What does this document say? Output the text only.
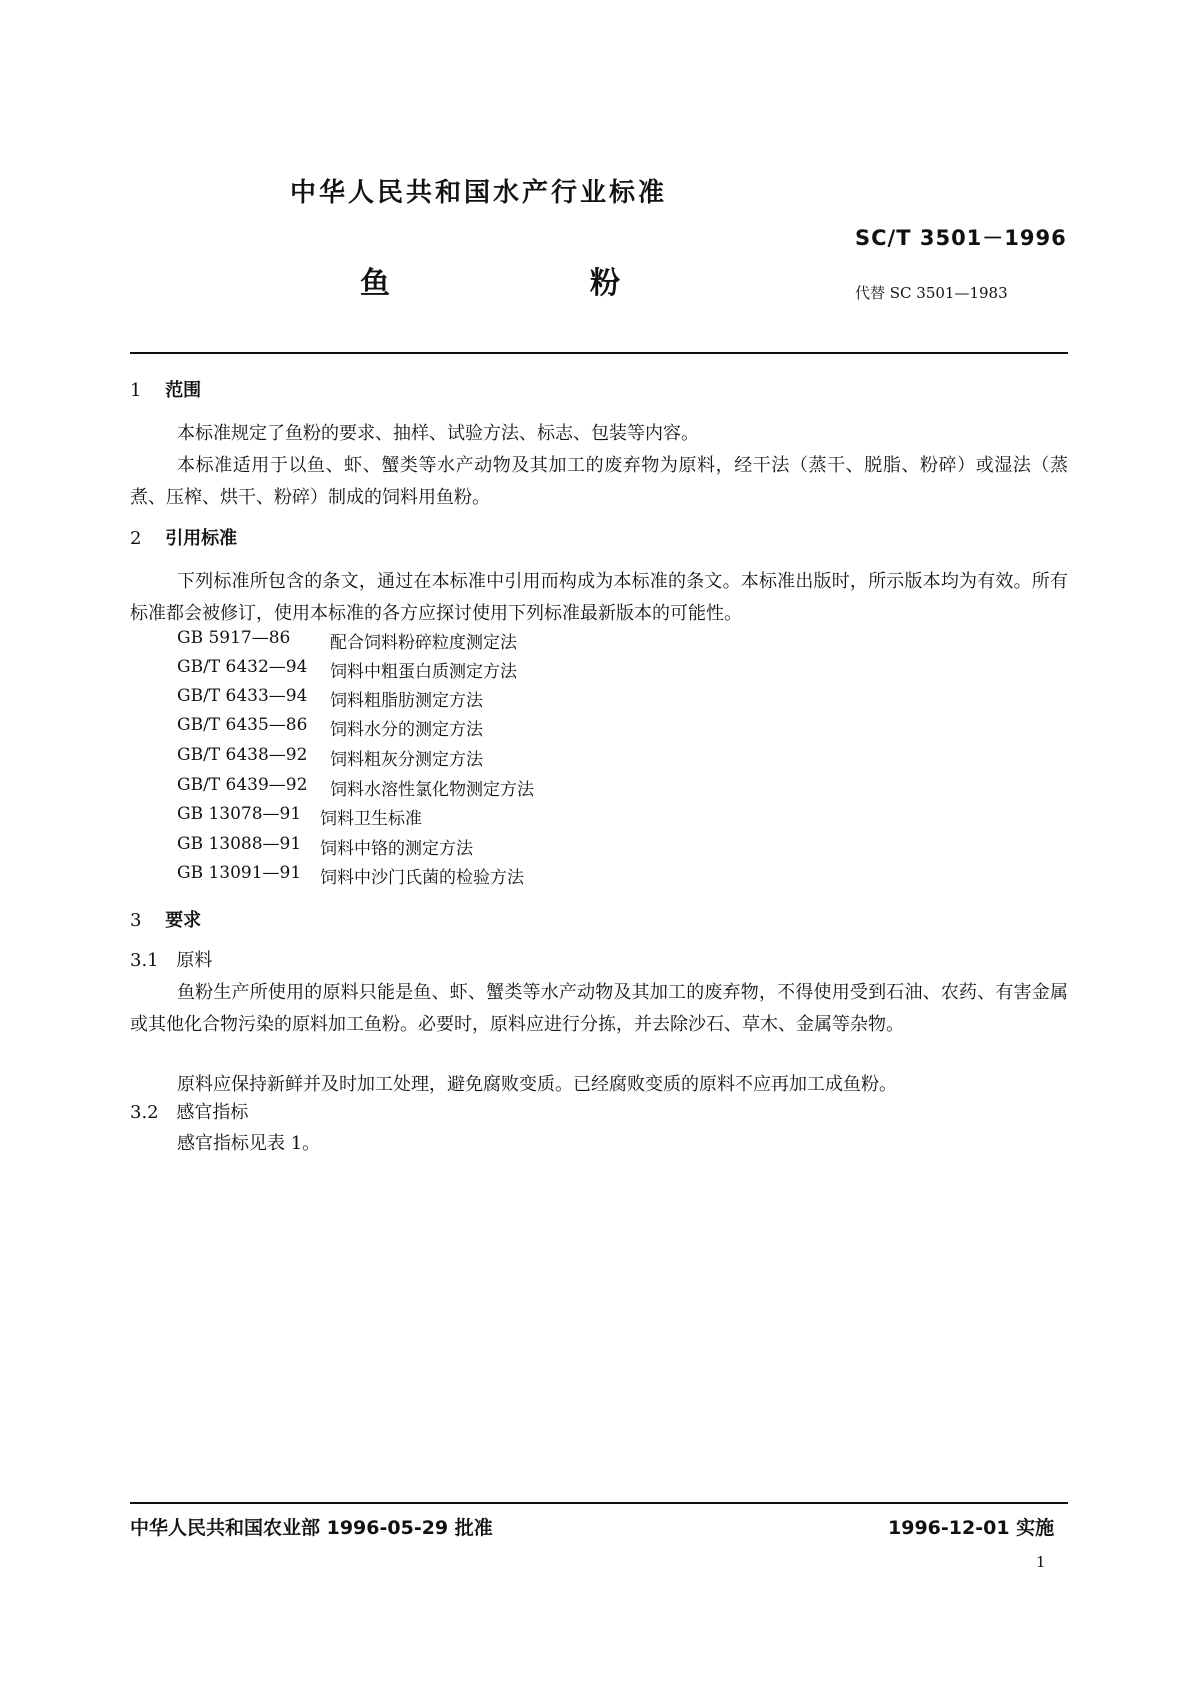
中华人民共和国水产行业标准
SC/T 3501－1996
鱼	粉	代替 SC 3501—1983
1 范围
本标准规定了鱼粉的要求、抽样、试验方法、标志、包装等内容。
本标准适用于以鱼、虾、蟹类等水产动物及其加工的废弃物为原料，经干法（蒸干、脱脂、粉碎）或湿法（蒸煮、压榨、烘干、粉碎）制成的饲料用鱼粉。
2 引用标准
下列标准所包含的条文，通过在本标准中引用而构成为本标准的条文。本标准出版时，所示版本均为有效。所有标准都会被修订，使用本标准的各方应探讨使用下列标准最新版本的可能性。
GB 5917—86	配合饲料粉碎粒度测定法
GB/T 6432—94	饲料中粗蛋白质测定方法
GB/T 6433—94	饲料粗脂肪测定方法
GB/T 6435—86	饲料水分的测定方法
GB/T 6438—92	饲料粗灰分测定方法
GB/T 6439—92	饲料水溶性氯化物测定方法
GB 13078—91	饲料卫生标准
GB 13088—91	饲料中铬的测定方法
GB 13091—91	饲料中沙门氏菌的检验方法
3 要求
3.1 原料
鱼粉生产所使用的原料只能是鱼、虾、蟹类等水产动物及其加工的废弃物，不得使用受到石油、农药、有害金属或其他化合物污染的原料加工鱼粉。必要时，原料应进行分拣，并去除沙石、草木、金属等杂物。
原料应保持新鲜并及时加工处理，避免腐败变质。已经腐败变质的原料不应再加工成鱼粉。
3.2 感官指标
感官指标见表 1。
中华人民共和国农业部 1996-05-29 批准	1996-12-01 实施
1
